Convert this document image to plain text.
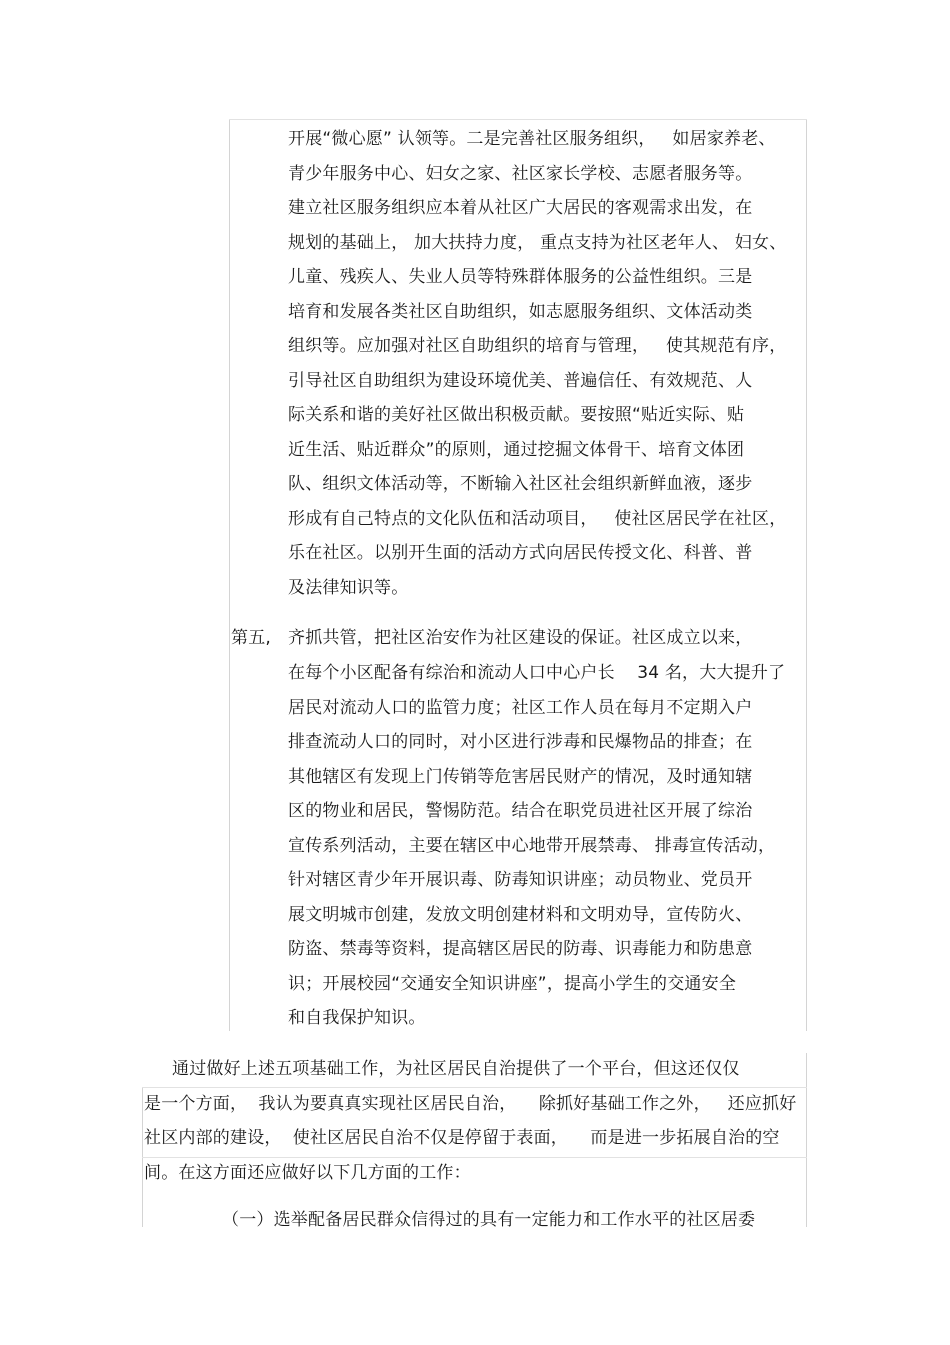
开展“微心愿” 认领等。二是完善社区服务组织，   如居家养老、
青少年服务中心、妇女之家、社区家长学校、志愿者服务等。
建立社区服务组织应本着从社区广大居民的客观需求出发，在
规划的基础上， 加大扶持力度， 重点支持为社区老年人、 妇女、
儿童、残疾人、失业人员等特殊群体服务的公益性组织。三是
培育和发展各类社区自助组织，如志愿服务组织、文体活动类
组织等。应加强对社区自助组织的培育与管理，   使其规范有序，
引导社区自助组织为建设环境优美、普遍信任、有效规范、人
际关系和谐的美好社区做出积极贡献。要按照“贴近实际、贴
近生活、贴近群众”的原则，通过挖掘文体骨干、培育文体团
队、组织文体活动等，不断输入社区社会组织新鲜血液，逐步
形成有自己特点的文化队伍和活动项目，   使社区居民学在社区，
乐在社区。以别开生面的活动方式向居民传授文化、科普、普
及法律知识等。
第五, 齐抓共管，把社区治安作为社区建设的保证。社区成立以来，
在每个小区配备有综治和流动人口中心户长    34 名，大大提升了
居民对流动人口的监管力度；社区工作人员在每月不定期入户
排查流动人口的同时，对小区进行涉毒和民爆物品的排查；在
其他辖区有发现上门传销等危害居民财产的情况，及时通知辖
区的物业和居民，警惕防范。结合在职党员进社区开展了综治
宣传系列活动，主要在辖区中心地带开展禁毒、 排毒宣传活动，
针对辖区青少年开展识毒、防毒知识讲座；动员物业、党员开
展文明城市创建，发放文明创建材料和文明劝导，宣传防火、
防盗、禁毒等资料，提高辖区居民的防毒、识毒能力和防患意
识；开展校园“交通安全知识讲座”，提高小学生的交通安全
和自我保护知识。
通过做好上述五项基础工作，为社区居民自治提供了一个平台，但这还仅仅
是一个方面，  我认为要真真实现社区居民自治，    除抓好基础工作之外，   还应抓好
社区内部的建设，  使社区居民自治不仅是停留于表面，    而是进一步拓展自治的空
间。在这方面还应做好以下几方面的工作：
（一）选举配备居民群众信得过的具有一定能力和工作水平的社区居委
